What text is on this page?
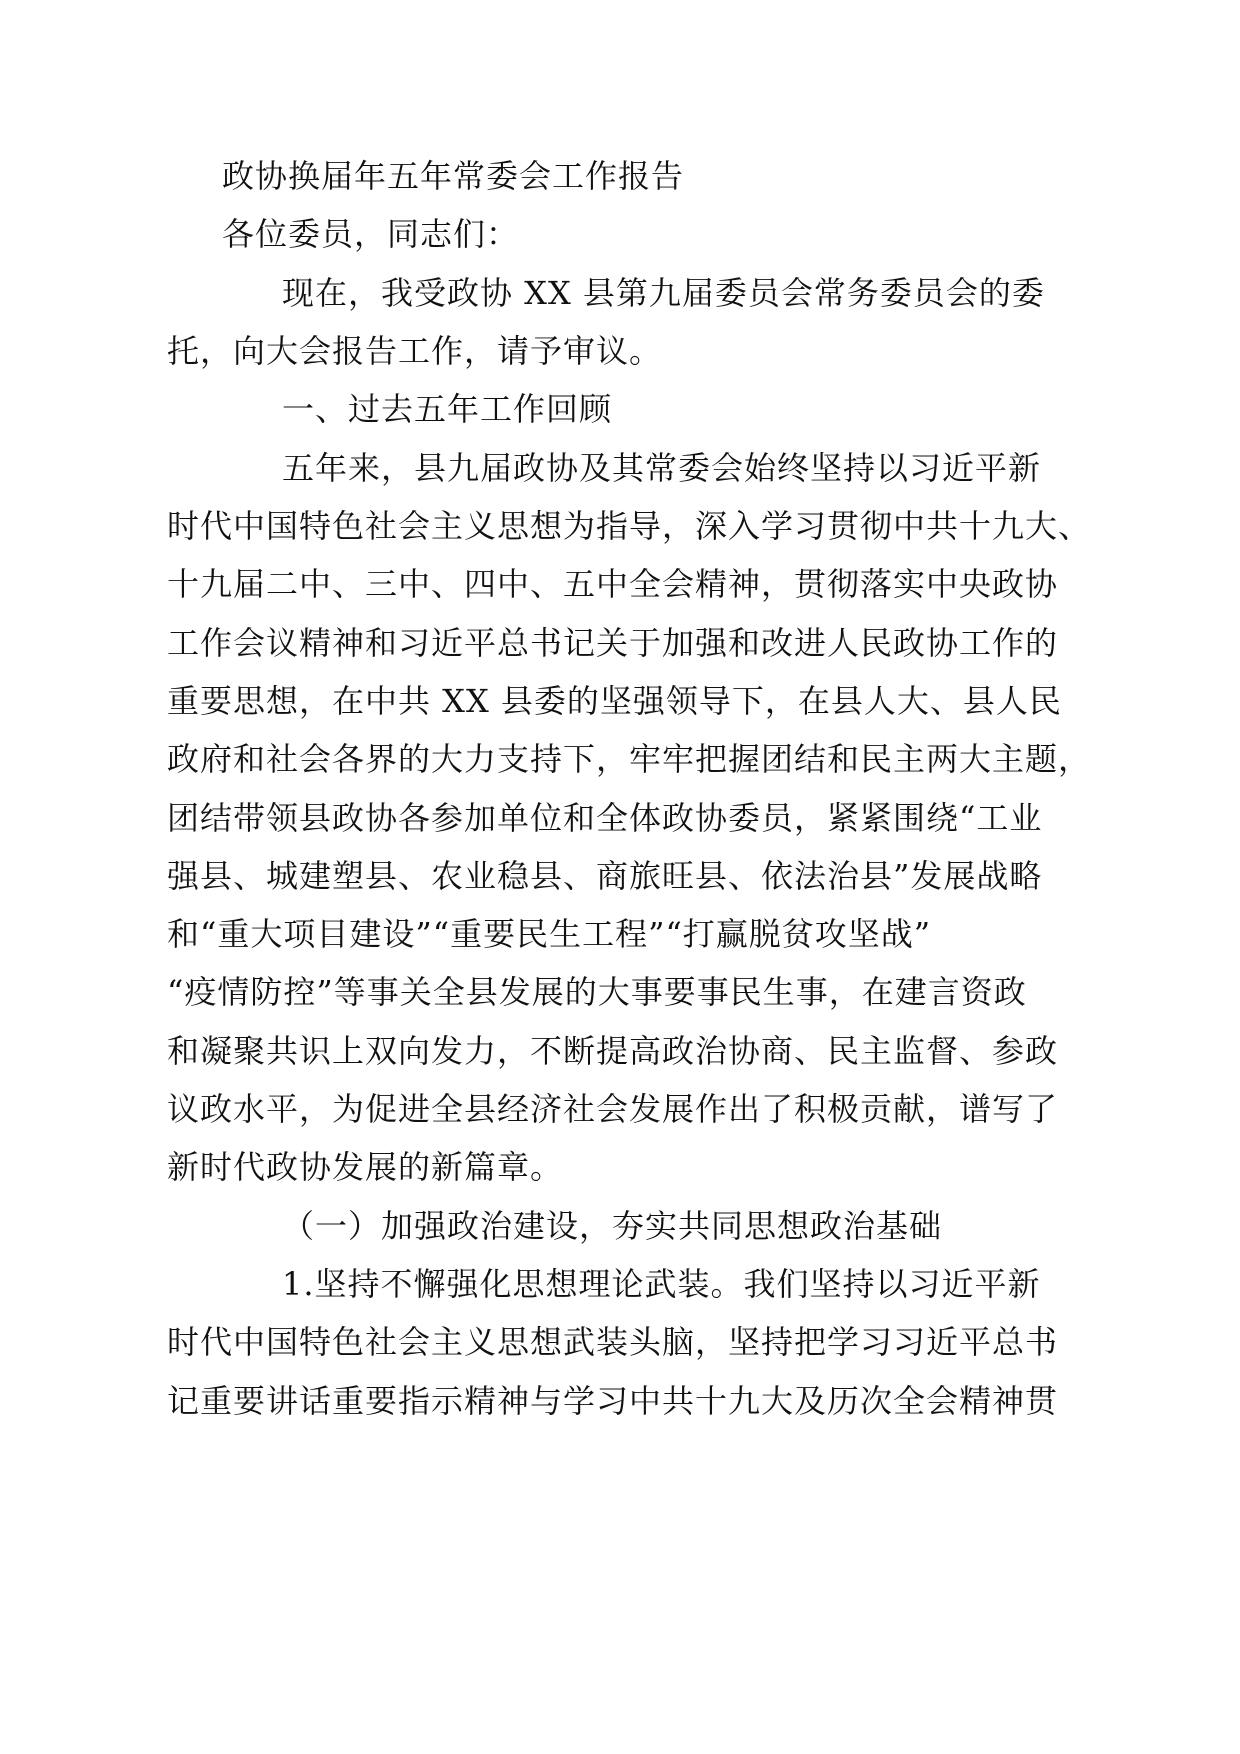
政协换届年五年常委会工作报告
各位委员，同志们：
现在，我受政协 XX 县第九届委员会常务委员会的委
托，向大会报告工作，请予审议。
一、过去五年工作回顾
五年来，县九届政协及其常委会始终坚持以习近平新
时代中国特色社会主义思想为指导，深入学习贯彻中共十九大、
十九届二中、三中、四中、五中全会精神，贯彻落实中央政协
工作会议精神和习近平总书记关于加强和改进人民政协工作的
重要思想，在中共 XX 县委的坚强领导下，在县人大、县人民
政府和社会各界的大力支持下，牢牢把握团结和民主两大主题，
团结带领县政协各参加单位和全体政协委员，紧紧围绕“工业
强县、城建塑县、农业稳县、商旅旺县、依法治县”发展战略
和“重大项目建设”“重要民生工程”“打赢脱贫攻坚战”
“疫情防控”等事关全县发展的大事要事民生事，在建言资政
和凝聚共识上双向发力，不断提高政治协商、民主监督、参政
议政水平，为促进全县经济社会发展作出了积极贡献，谱写了
新时代政协发展的新篇章。
（一）加强政治建设，夯实共同思想政治基础
1.坚持不懈强化思想理论武装。我们坚持以习近平新
时代中国特色社会主义思想武装头脑，坚持把学习习近平总书
记重要讲话重要指示精神与学习中共十九大及历次全会精神贯
